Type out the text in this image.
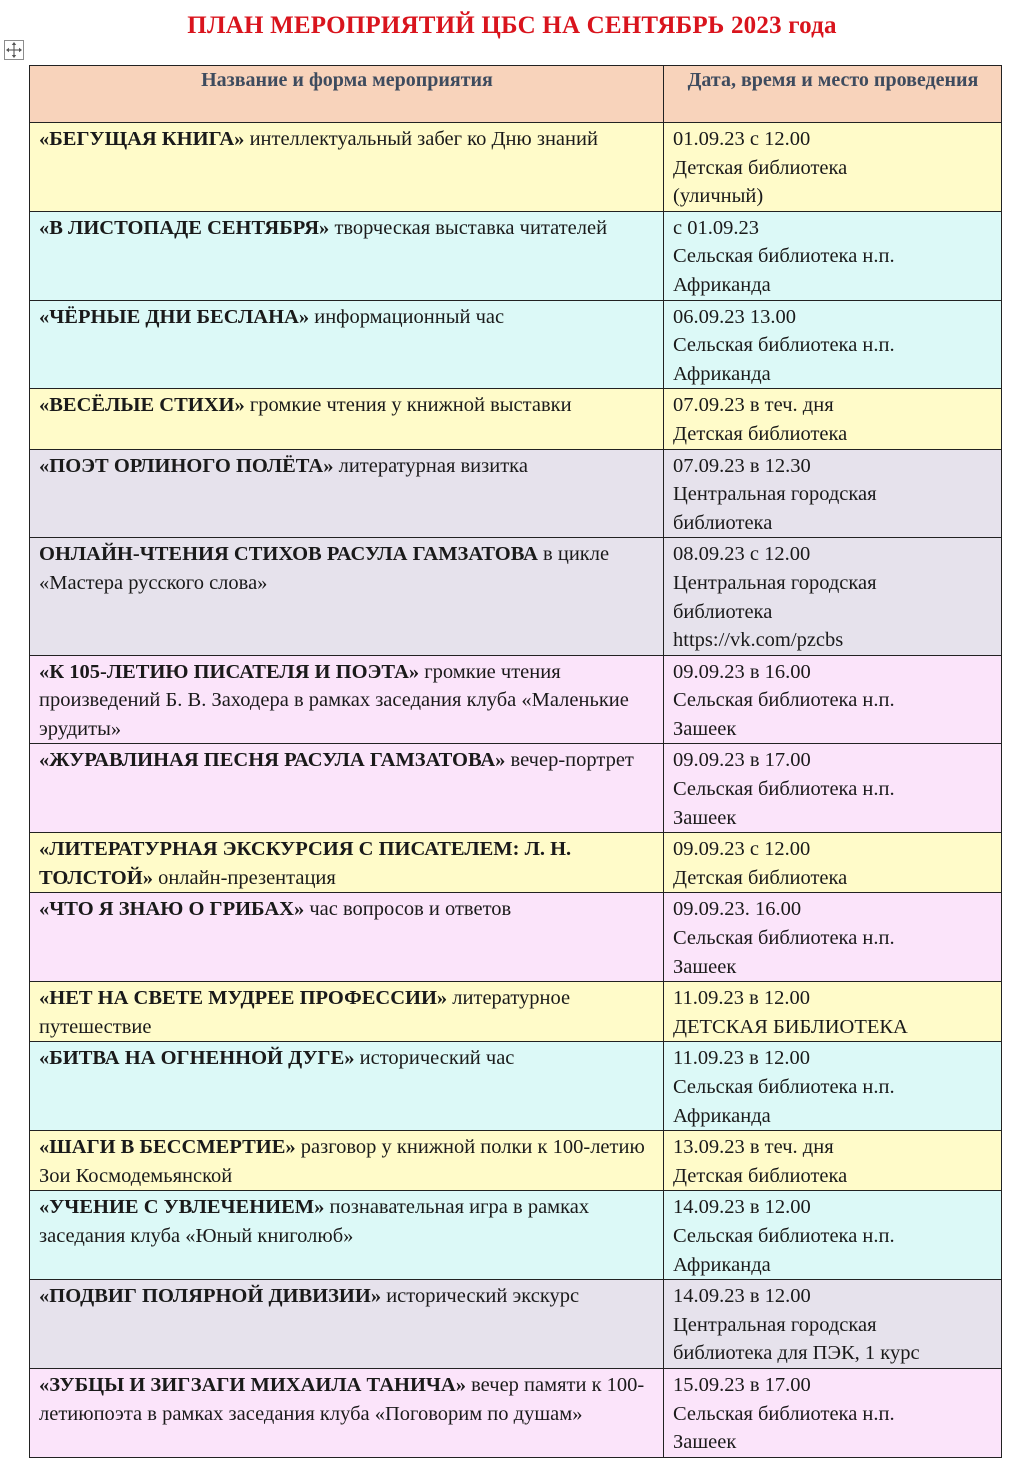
ПЛАН МЕРОПРИЯТИЙ ЦБС НА СЕНТЯБРЬ 2023 года
Название и форма мероприятия	Дата, время и место проведения
«БЕГУЩАЯ КНИГА» интеллектуальный забег ко Дню знаний	01.09.23 с 12.00
Детская библиотека
(уличный)

«В ЛИСТОПАДЕ СЕНТЯБРЯ» творческая выставка читателей	с 01.09.23
Сельская библиотека н.п.
Африканда

«ЧЁРНЫЕ ДНИ БЕСЛАНА» информационный час	06.09.23 13.00
Сельская библиотека н.п.
Африканда

«ВЕСЁЛЫЕ СТИХИ» громкие чтения у книжной выставки	07.09.23 в теч. дня
Детская библиотека

«ПОЭТ ОРЛИНОГО ПОЛЁТА» литературная визитка	07.09.23 в 12.30
Центральная городская
библиотека

ОНЛАЙН-ЧТЕНИЯ СТИХОВ РАСУЛА ГАМЗАТОВА в цикле «Мастера русского слова»	08.09.23 с 12.00
Центральная городская
библиотека
https://vk.com/pzcbs

«К 105-ЛЕТИЮ ПИСАТЕЛЯ И ПОЭТА» громкие чтения произведений Б. В. Заходера в рамках заседания клуба «Маленькие эрудиты»	09.09.23 в 16.00
Сельская библиотека н.п.
Зашеек

«ЖУРАВЛИНАЯ ПЕСНЯ РАСУЛА ГАМЗАТОВА» вечер-портрет	09.09.23 в 17.00
Сельская библиотека н.п.
Зашеек

«ЛИТЕРАТУРНАЯ ЭКСКУРСИЯ С ПИСАТЕЛЕМ: Л. Н. ТОЛСТОЙ» онлайн-презентация	09.09.23 с 12.00
Детская библиотека

«ЧТО Я ЗНАЮ О ГРИБАХ» час вопросов и ответов	09.09.23. 16.00
Сельская библиотека н.п.
Зашеек

«НЕТ НА СВЕТЕ МУДРЕЕ ПРОФЕССИИ» литературное путешествие	11.09.23 в 12.00
ДЕТСКАЯ БИБЛИОТЕКА

«БИТВА НА ОГНЕННОЙ ДУГЕ» исторический час	11.09.23 в 12.00
Сельская библиотека н.п.
Африканда

«ШАГИ В БЕССМЕРТИЕ» разговор у книжной полки к 100-летию Зои Космодемьянской	13.09.23 в теч. дня
Детская библиотека

«УЧЕНИЕ С УВЛЕЧЕНИЕМ» познавательная игра в рамках заседания клуба «Юный книголюб»	14.09.23 в 12.00
Сельская библиотека н.п.
Африканда

«ПОДВИГ ПОЛЯРНОЙ ДИВИЗИИ» исторический экскурс	14.09.23 в 12.00
Центральная городская
библиотека для ПЭК, 1 курс

«ЗУБЦЫ И ЗИГЗАГИ МИХАИЛА ТАНИЧА» вечер памяти к 100-летиюпоэта в рамках заседания клуба «Поговорим по душам»	15.09.23 в 17.00
Сельская библиотека н.п.
Зашеек
